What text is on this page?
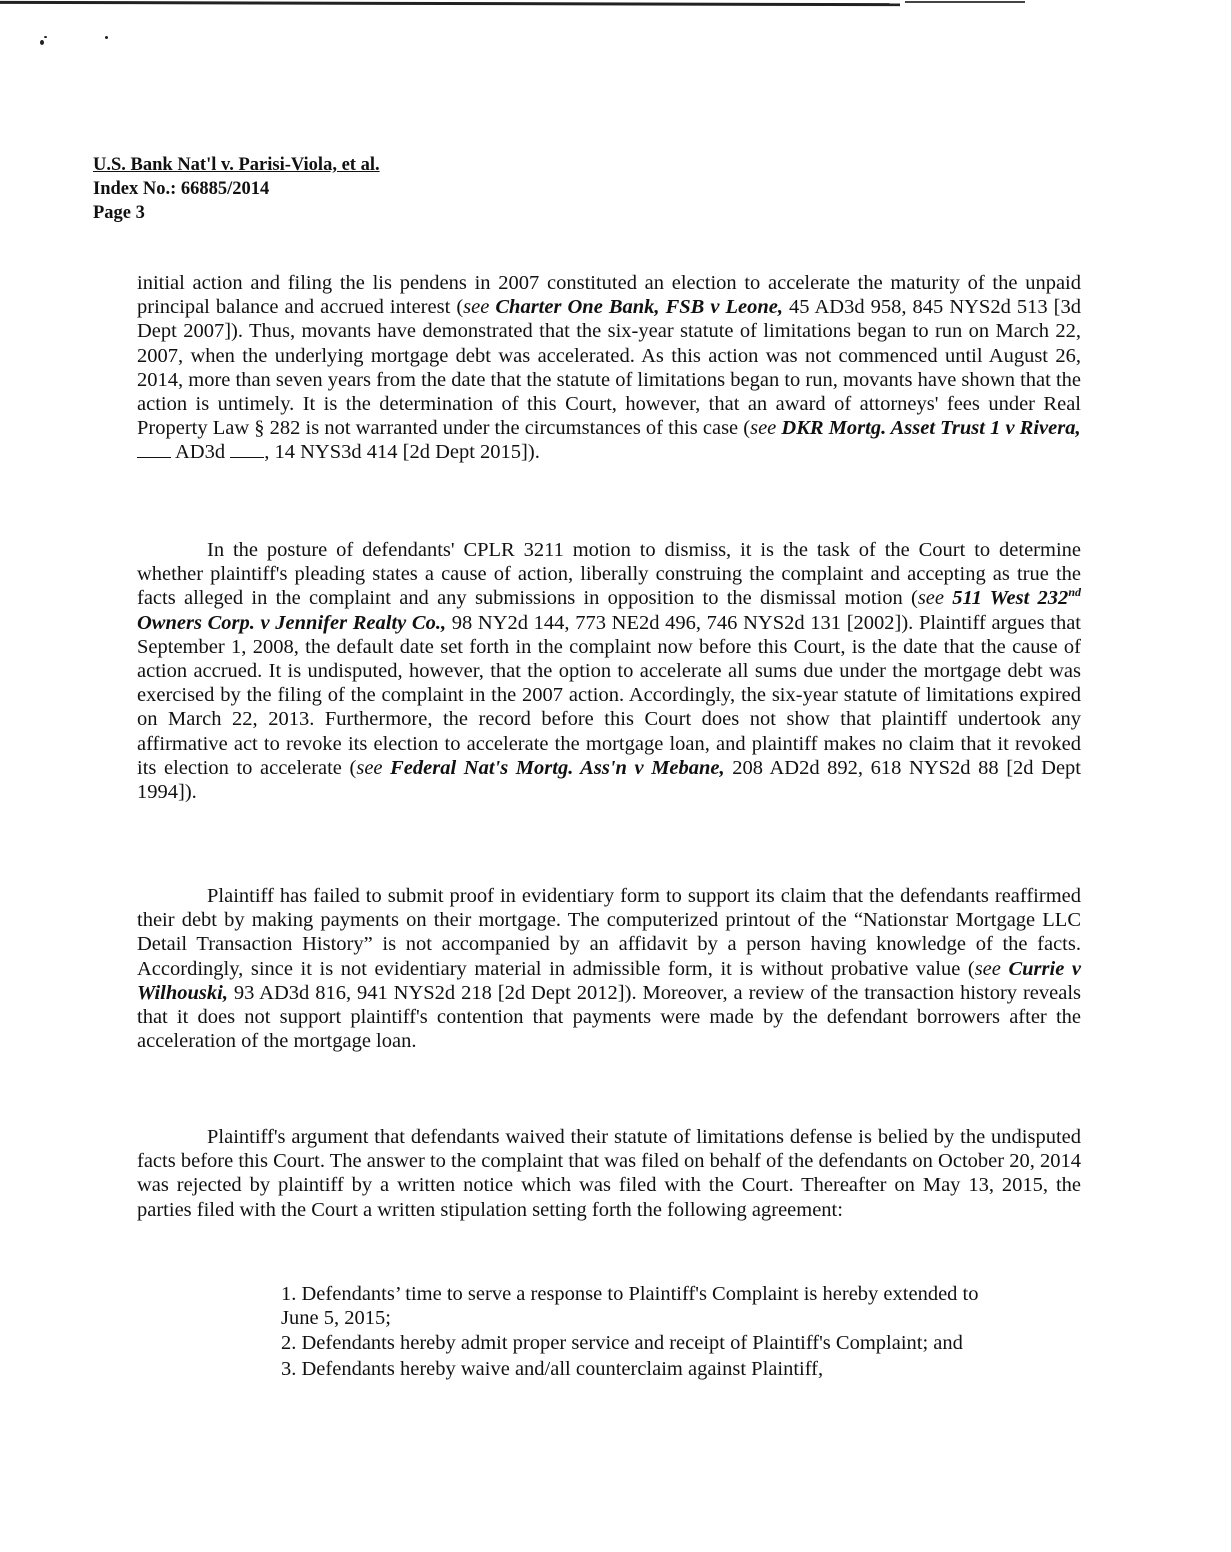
U.S. Bank Nat'l v. Parisi-Viola, et al.
Index No.: 66885/2014
Page 3

initial action and filing the lis pendens in 2007 constituted an election to accelerate the maturity of the unpaid principal balance and accrued interest (see Charter One Bank, FSB v Leone, 45 AD3d 958, 845 NYS2d 513 [3d Dept 2007]). Thus, movants have demonstrated that the six-year statute of limitations began to run on March 22, 2007, when the underlying mortgage debt was accelerated. As this action was not commenced until August 26, 2014, more than seven years from the date that the statute of limitations began to run, movants have shown that the action is untimely. It is the determination of this Court, however, that an award of attorneys' fees under Real Property Law § 282 is not warranted under the circumstances of this case (see DKR Mortg. Asset Trust 1 v Rivera,
AD3d , 14 NYS3d 414 [2d Dept 2015]).

In the posture of defendants' CPLR 3211 motion to dismiss, it is the task of the Court to determine whether plaintiff's pleading states a cause of action, liberally construing the complaint and accepting as true the facts alleged in the complaint and any submissions in opposition to the dismissal motion (see 511 West 232nd Owners Corp. v Jennifer Realty Co., 98 NY2d 144, 773 NE2d 496, 746 NYS2d 131 [2002]). Plaintiff argues that September 1, 2008, the default date set forth in the complaint now before this Court, is the date that the cause of action accrued. It is undisputed, however, that the option to accelerate all sums due under the mortgage debt was exercised by the filing of the complaint in the 2007 action. Accordingly, the six-year statute of limitations expired on March 22, 2013. Furthermore, the record before this Court does not show that plaintiff undertook any affirmative act to revoke its election to accelerate the mortgage loan, and plaintiff makes no claim that it revoked its election to accelerate (see Federal Nat's Mortg. Ass'n v Mebane, 208 AD2d 892, 618 NYS2d 88 [2d Dept 1994]).

Plaintiff has failed to submit proof in evidentiary form to support its claim that the defendants reaffirmed their debt by making payments on their mortgage. The computerized printout of the “Nationstar Mortgage LLC Detail Transaction History” is not accompanied by an affidavit by a person having knowledge of the facts. Accordingly, since it is not evidentiary material in admissible form, it is without probative value (see Currie v Wilhouski, 93 AD3d 816, 941 NYS2d 218 [2d Dept 2012]). Moreover, a review of the transaction history reveals that it does not support plaintiff's contention that payments were made by the defendant borrowers after the acceleration of the mortgage loan.

Plaintiff's argument that defendants waived their statute of limitations defense is belied by the undisputed facts before this Court. The answer to the complaint that was filed on behalf of the defendants on October 20, 2014 was rejected by plaintiff by a written notice which was filed with the Court. Thereafter on May 13, 2015, the parties filed with the Court a written stipulation setting forth the following agreement:

1. Defendants’ time to serve a response to Plaintiff's Complaint is hereby extended to June 5, 2015;

2. Defendants hereby admit proper service and receipt of Plaintiff's Complaint; and

3. Defendants hereby waive and/all counterclaim against Plaintiff,
